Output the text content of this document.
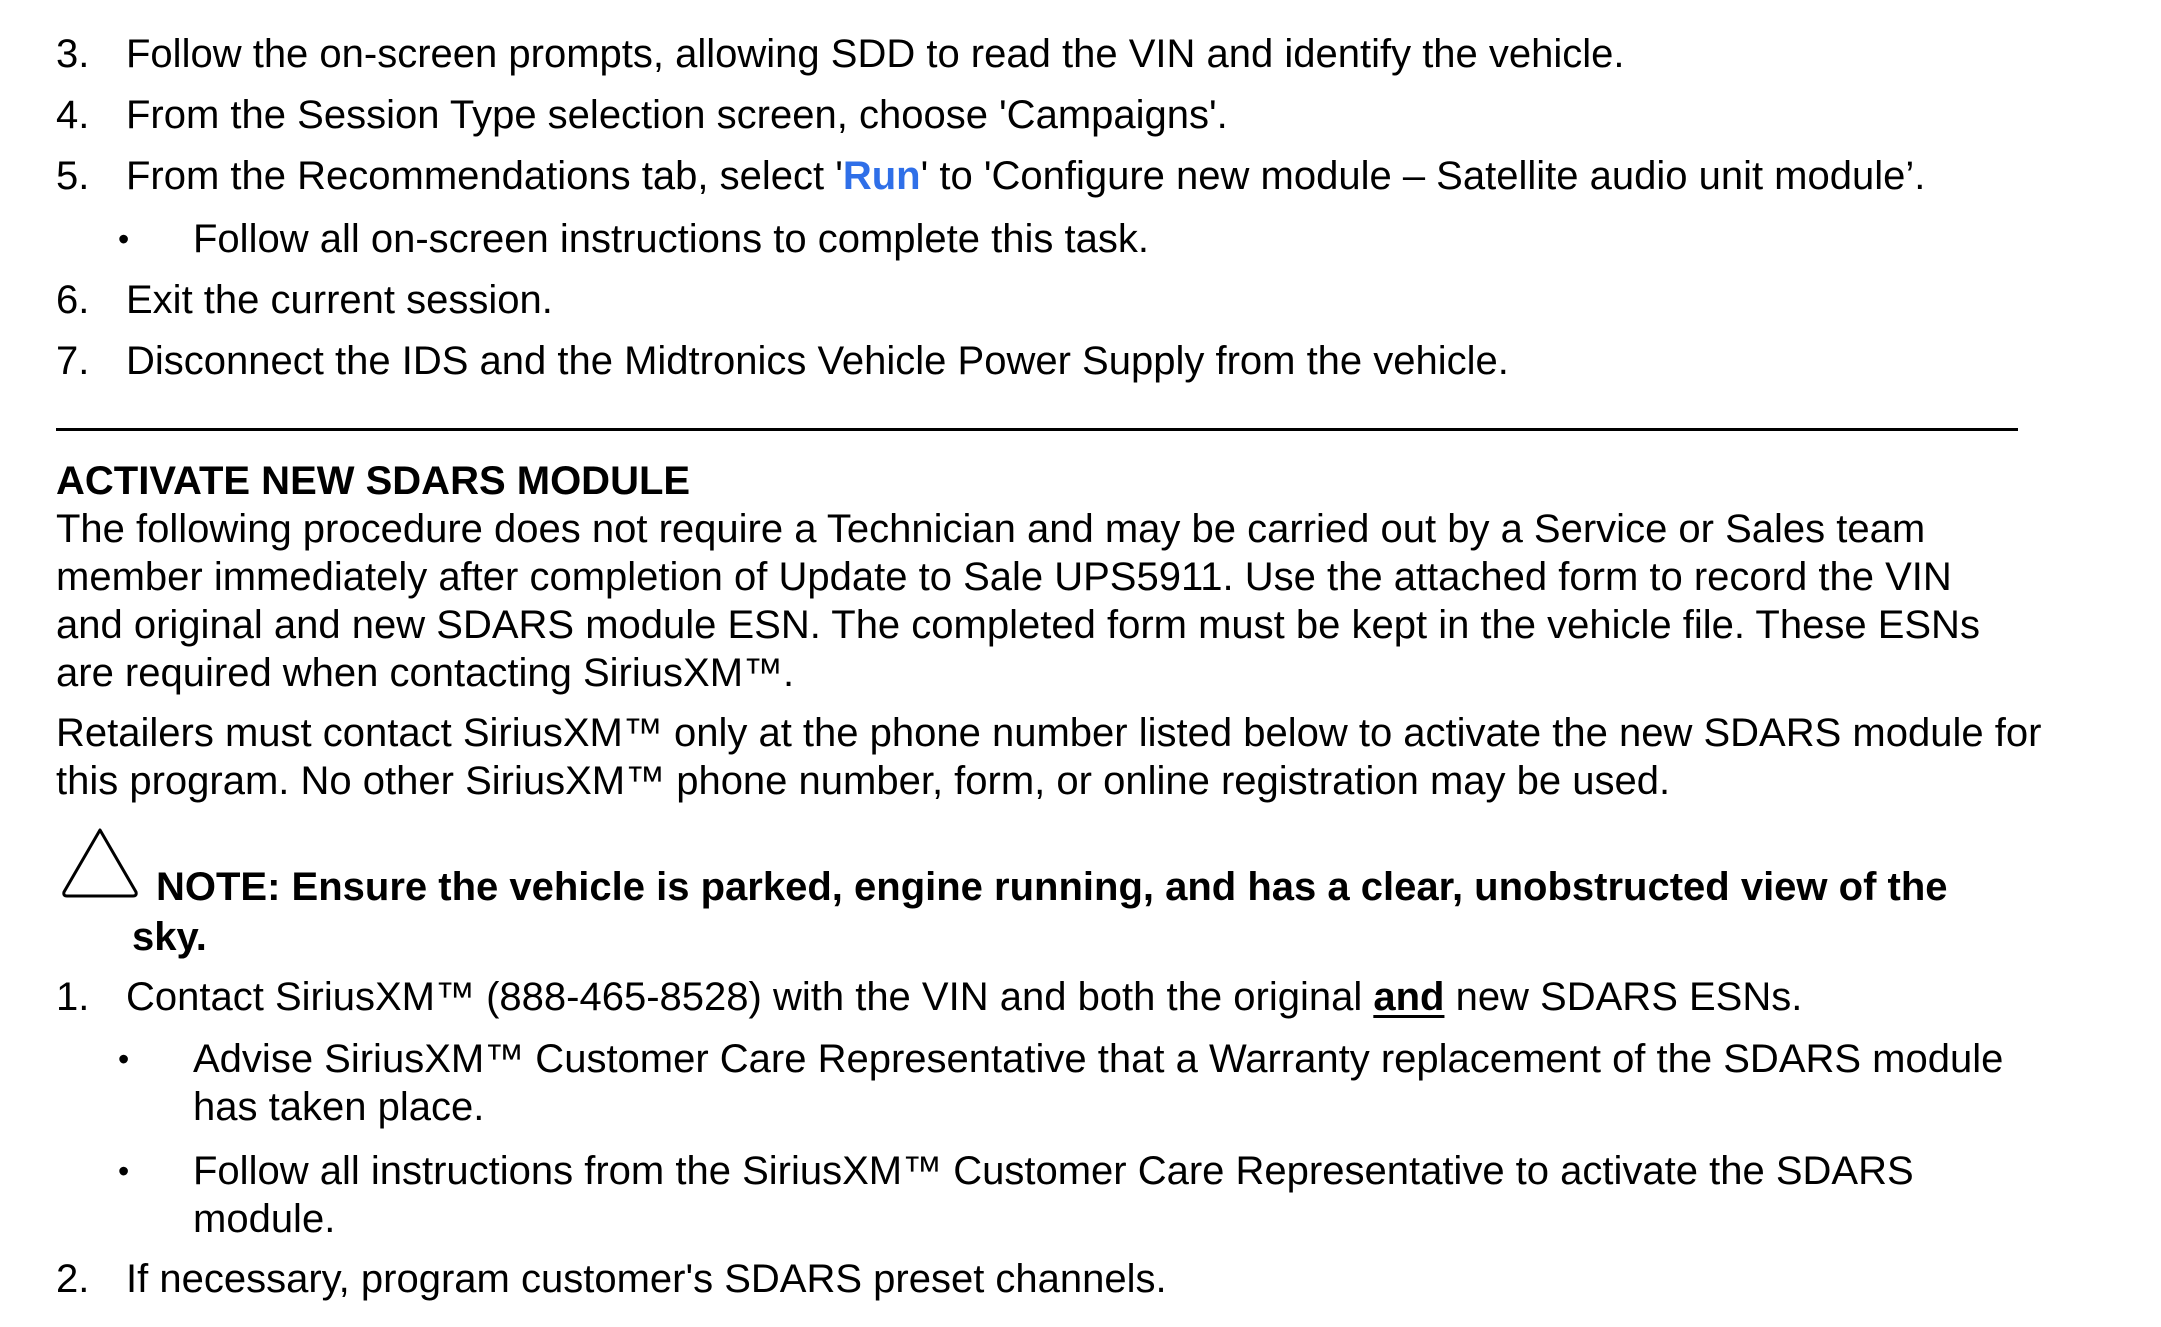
3. Follow the on-screen prompts, allowing SDD to read the VIN and identify the vehicle.
4. From the Session Type selection screen, choose 'Campaigns'.
5. From the Recommendations tab, select 'Run' to 'Configure new module – Satellite audio unit module’.
• Follow all on-screen instructions to complete this task.
6. Exit the current session.
7. Disconnect the IDS and the Midtronics Vehicle Power Supply from the vehicle.
ACTIVATE NEW SDARS MODULE
The following procedure does not require a Technician and may be carried out by a Service or Sales team
member immediately after completion of Update to Sale UPS5911. Use the attached form to record the VIN
and original and new SDARS module ESN. The completed form must be kept in the vehicle file. These ESNs
are required when contacting SiriusXM™.
Retailers must contact SiriusXM™ only at the phone number listed below to activate the new SDARS module for
this program. No other SiriusXM™ phone number, form, or online registration may be used.
NOTE: Ensure the vehicle is parked, engine running, and has a clear, unobstructed view of the
sky.
1. Contact SiriusXM™ (888-465-8528) with the VIN and both the original and new SDARS ESNs.
• Advise SiriusXM™ Customer Care Representative that a Warranty replacement of the SDARS module
has taken place.
• Follow all instructions from the SiriusXM™ Customer Care Representative to activate the SDARS
module.
2. If necessary, program customer's SDARS preset channels.
